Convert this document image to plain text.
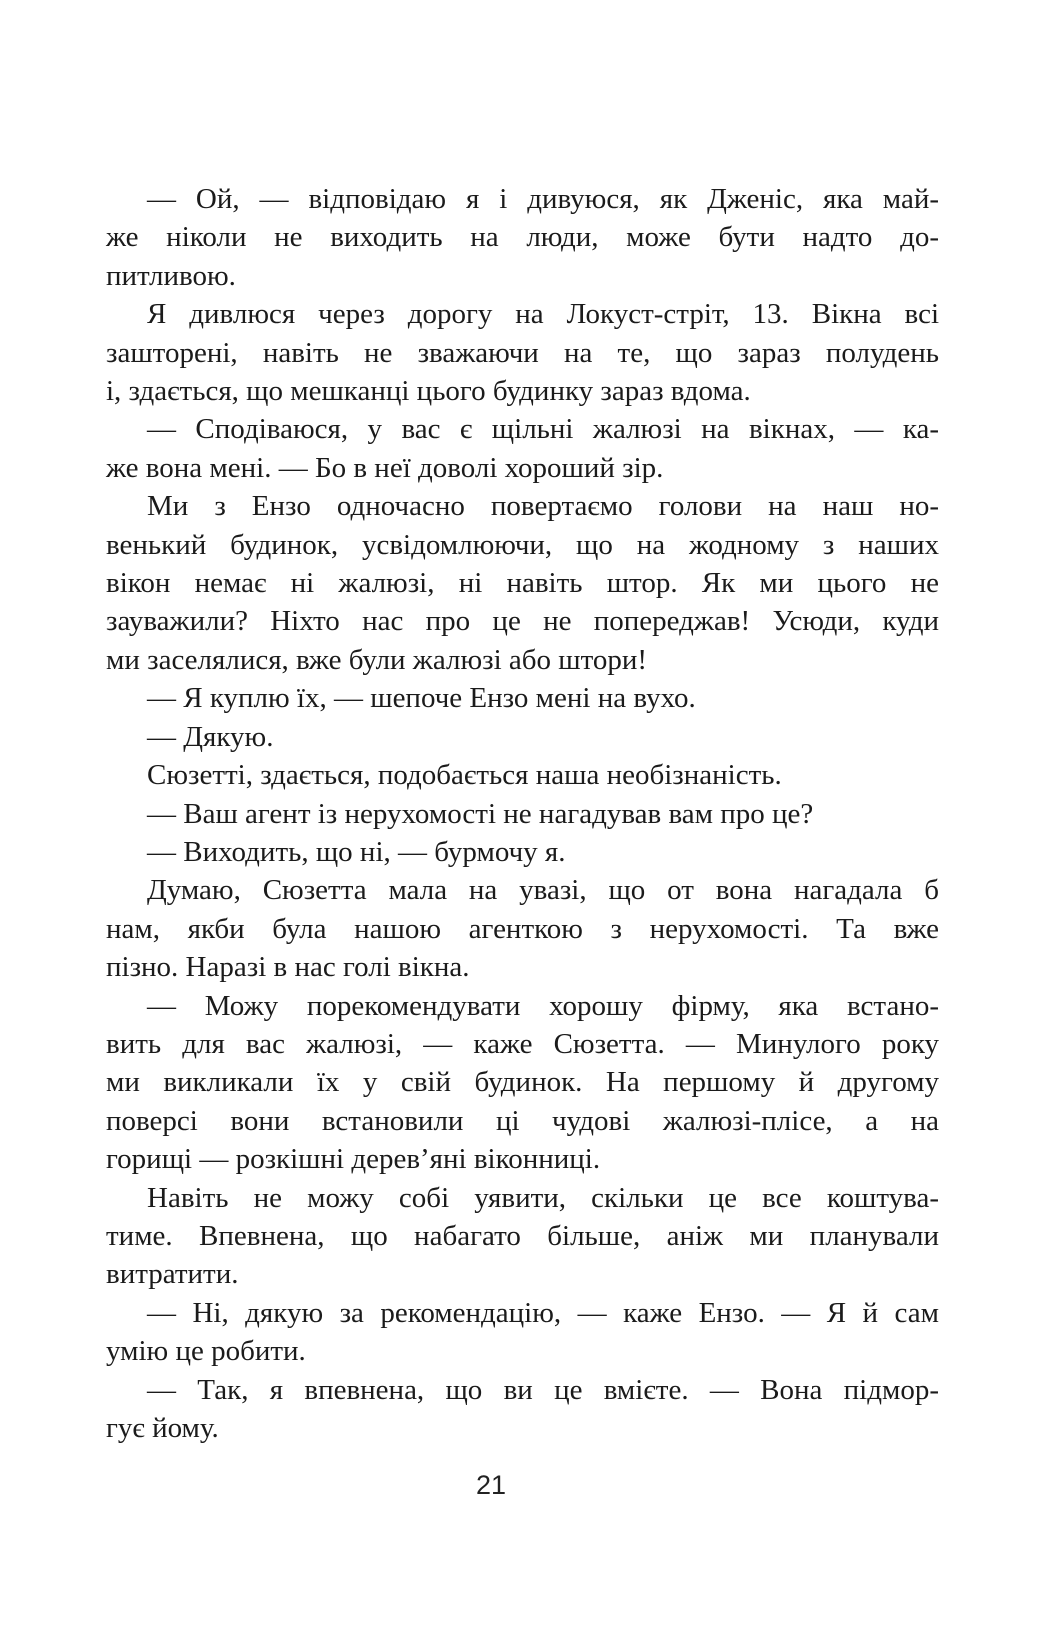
— Ой, — відповідаю я і дивуюся, як Дженіс, яка май-
же ніколи не виходить на люди, може бути надто до-
питливою.

Я дивлюся через дорогу на Локуст-стріт, 13. Вікна всі
зашторені, навіть не зважаючи на те, що зараз полудень
і, здається, що мешканці цього будинку зараз вдома.

— Сподіваюся, у вас є щільні жалюзі на вікнах, — ка-
же вона мені. — Бо в неї доволі хороший зір.

Ми з Ензо одночасно повертаємо голови на наш но-
венький будинок, усвідомлюючи, що на жодному з наших
вікон немає ні жалюзі, ні навіть штор. Як ми цього не
зауважили? Ніхто нас про це не попереджав! Усюди, куди
ми заселялися, вже були жалюзі або штори!

— Я куплю їх, — шепоче Ензо мені на вухо.

— Дякую.

Сюзетті, здається, подобається наша необізнаність.

— Ваш агент із нерухомості не нагадував вам про це?

— Виходить, що ні, — бурмочу я.

Думаю, Сюзетта мала на увазі, що от вона нагадала б
нам, якби була нашою агенткою з нерухомості. Та вже
пізно. Наразі в нас голі вікна.

— Можу порекомендувати хорошу фірму, яка встано-
вить для вас жалюзі, — каже Сюзетта. — Минулого року
ми викликали їх у свій будинок. На першому й другому
поверсі вони встановили ці чудові жалюзі-плісе, а на
горищі — розкішні дерев’яні віконниці.

Навіть не можу собі уявити, скільки це все коштува-
тиме. Впевнена, що набагато більше, аніж ми планували
витратити.

— Ні, дякую за рекомендацію, — каже Ензо. — Я й сам
умію це робити.

— Так, я впевнена, що ви це вмієте. — Вона підмор-
гує йому.

21
